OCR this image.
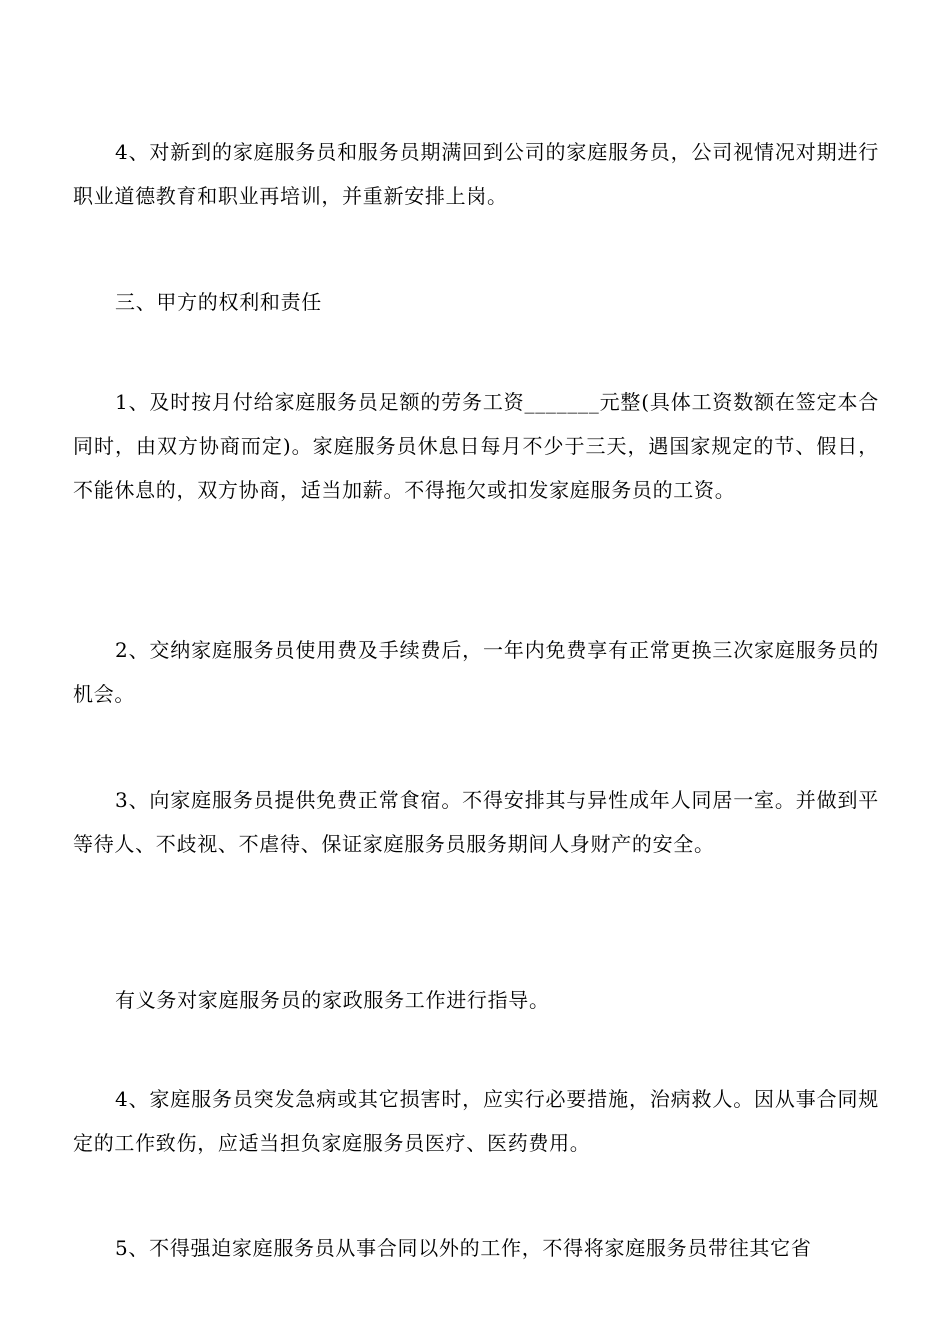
4、对新到的家庭服务员和服务员期满回到公司的家庭服务员，公司视情况对期进行职业道德教育和职业再培训，并重新安排上岗。

三、甲方的权利和责任

1、及时按月付给家庭服务员足额的劳务工资_______元整(具体工资数额在签定本合同时，由双方协商而定)。家庭服务员休息日每月不少于三天，遇国家规定的节、假日，不能休息的，双方协商，适当加薪。不得拖欠或扣发家庭服务员的工资。

2、交纳家庭服务员使用费及手续费后，一年内免费享有正常更换三次家庭服务员的机会。

3、向家庭服务员提供免费正常食宿。不得安排其与异性成年人同居一室。并做到平等待人、不歧视、不虐待、保证家庭服务员服务期间人身财产的安全。

有义务对家庭服务员的家政服务工作进行指导。

4、家庭服务员突发急病或其它损害时，应实行必要措施，治病救人。因从事合同规定的工作致伤，应适当担负家庭服务员医疗、医药费用。

5、不得强迫家庭服务员从事合同以外的工作，不得将家庭服务员带往其它省
